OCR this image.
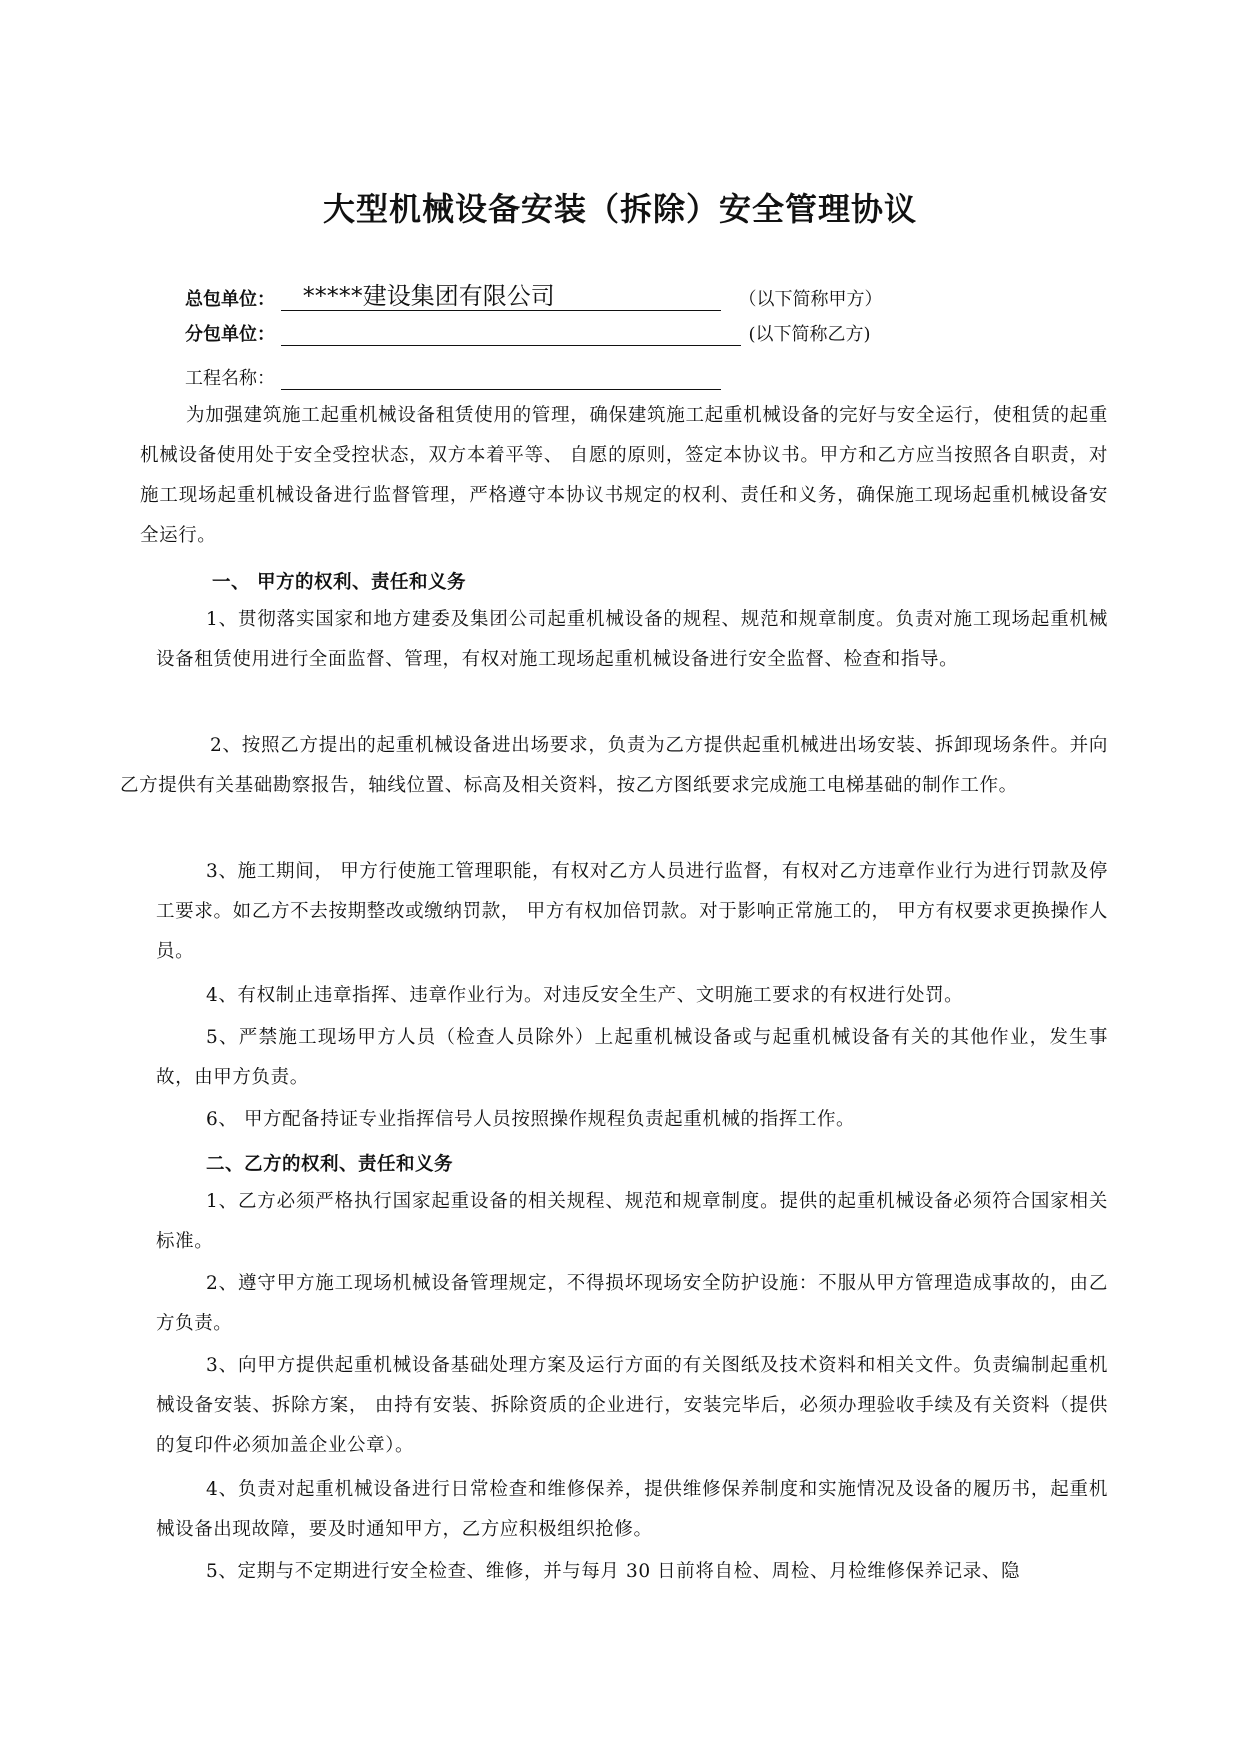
大型机械设备安装（拆除）安全管理协议
总包单位： *****建设集团有限公司	（以下简称甲方）
分包单位：	(以下简称乙方)
工程名称：
为加强建筑施工起重机械设备租赁使用的管理，确保建筑施工起重机械设备的完好与安全运行，使租赁的起重机械设备使用处于安全受控状态，双方本着平等、 自愿的原则，签定本协议书。甲方和乙方应当按照各自职责，对施工现场起重机械设备进行监督管理，严格遵守本协议书规定的权利、责任和义务，确保施工现场起重机械设备安全运行。
一、 甲方的权利、责任和义务
1、贯彻落实国家和地方建委及集团公司起重机械设备的规程、规范和规章制度。负责对施工现场起重机械设备租赁使用进行全面监督、管理，有权对施工现场起重机械设备进行安全监督、检查和指导。
2、按照乙方提出的起重机械设备进出场要求，负责为乙方提供起重机械进出场安装、拆卸现场条件。并向乙方提供有关基础勘察报告，轴线位置、标高及相关资料，按乙方图纸要求完成施工电梯基础的制作工作。
3、施工期间， 甲方行使施工管理职能，有权对乙方人员进行监督，有权对乙方违章作业行为进行罚款及停工要求。如乙方不去按期整改或缴纳罚款， 甲方有权加倍罚款。对于影响正常施工的， 甲方有权要求更换操作人员。
4、有权制止违章指挥、违章作业行为。对违反安全生产、文明施工要求的有权进行处罚。
5、严禁施工现场甲方人员（检查人员除外）上起重机械设备或与起重机械设备有关的其他作业，发生事故，由甲方负责。
6、 甲方配备持证专业指挥信号人员按照操作规程负责起重机械的指挥工作。
二、乙方的权利、责任和义务
1、乙方必须严格执行国家起重设备的相关规程、规范和规章制度。提供的起重机械设备必须符合国家相关标准。
2、遵守甲方施工现场机械设备管理规定，不得损坏现场安全防护设施：不服从甲方管理造成事故的，由乙方负责。
3、向甲方提供起重机械设备基础处理方案及运行方面的有关图纸及技术资料和相关文件。负责编制起重机械设备安装、拆除方案， 由持有安装、拆除资质的企业进行，安装完毕后，必须办理验收手续及有关资料（提供的复印件必须加盖企业公章）。
4、负责对起重机械设备进行日常检查和维修保养，提供维修保养制度和实施情况及设备的履历书，起重机械设备出现故障，要及时通知甲方，乙方应积极组织抢修。
5、定期与不定期进行安全检查、维修，并与每月 30 日前将自检、周检、月检维修保养记录、隐
